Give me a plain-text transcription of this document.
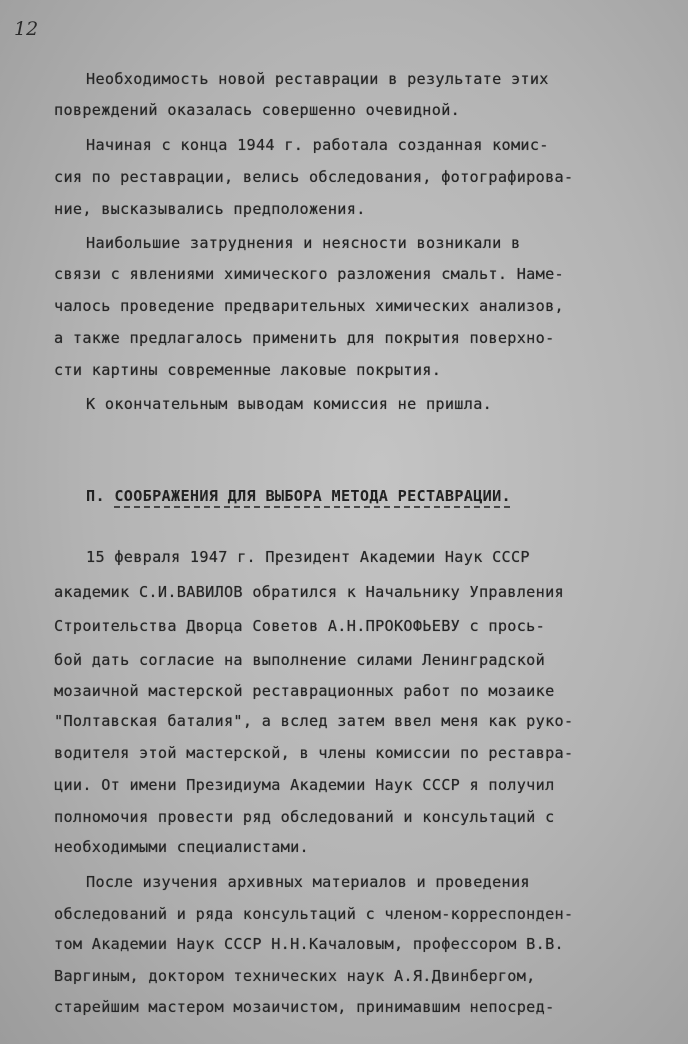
12
Необходимость новой реставрации в результате этих
повреждений оказалась совершенно очевидной.
Начиная с конца 1944 г. работала созданная комис-
сия по реставрации, велись обследования, фотографирова-
ние, высказывались предположения.
Наибольшие затруднения и неясности возникали в
связи с явлениями химического разложения смальт. Наме-
чалось проведение предварительных химических анализов,
а также предлагалось применить для покрытия поверхно-
сти картины современные лаковые покрытия.
К окончательным выводам комиссия не пришла.
П. СООБРАЖЕНИЯ ДЛЯ ВЫБОРА МЕТОДА РЕСТАВРАЦИИ.
15 февраля 1947 г. Президент Академии Наук СССР
академик С.И.ВАВИЛОВ обратился к Начальнику Управления
Строительства Дворца Советов А.Н.ПРОКОФЬЕВУ с прось-
бой дать согласие на выполнение силами Ленинградской
мозаичной мастерской реставрационных работ по мозаике
"Полтавская баталия", а вслед затем ввел меня как руко-
водителя этой мастерской, в члены комиссии по реставра-
ции. От имени Президиума Академии Наук СССР я получил
полномочия провести ряд обследований и консультаций с
необходимыми специалистами.
После изучения архивных материалов и проведения
обследований и ряда консультаций с членом-корреспонден-
том Академии Наук СССР Н.Н.Качаловым, профессором В.В.
Варгиным, доктором технических наук А.Я.Двинбергом,
старейшим мастером мозаичистом, принимавшим непосред-
